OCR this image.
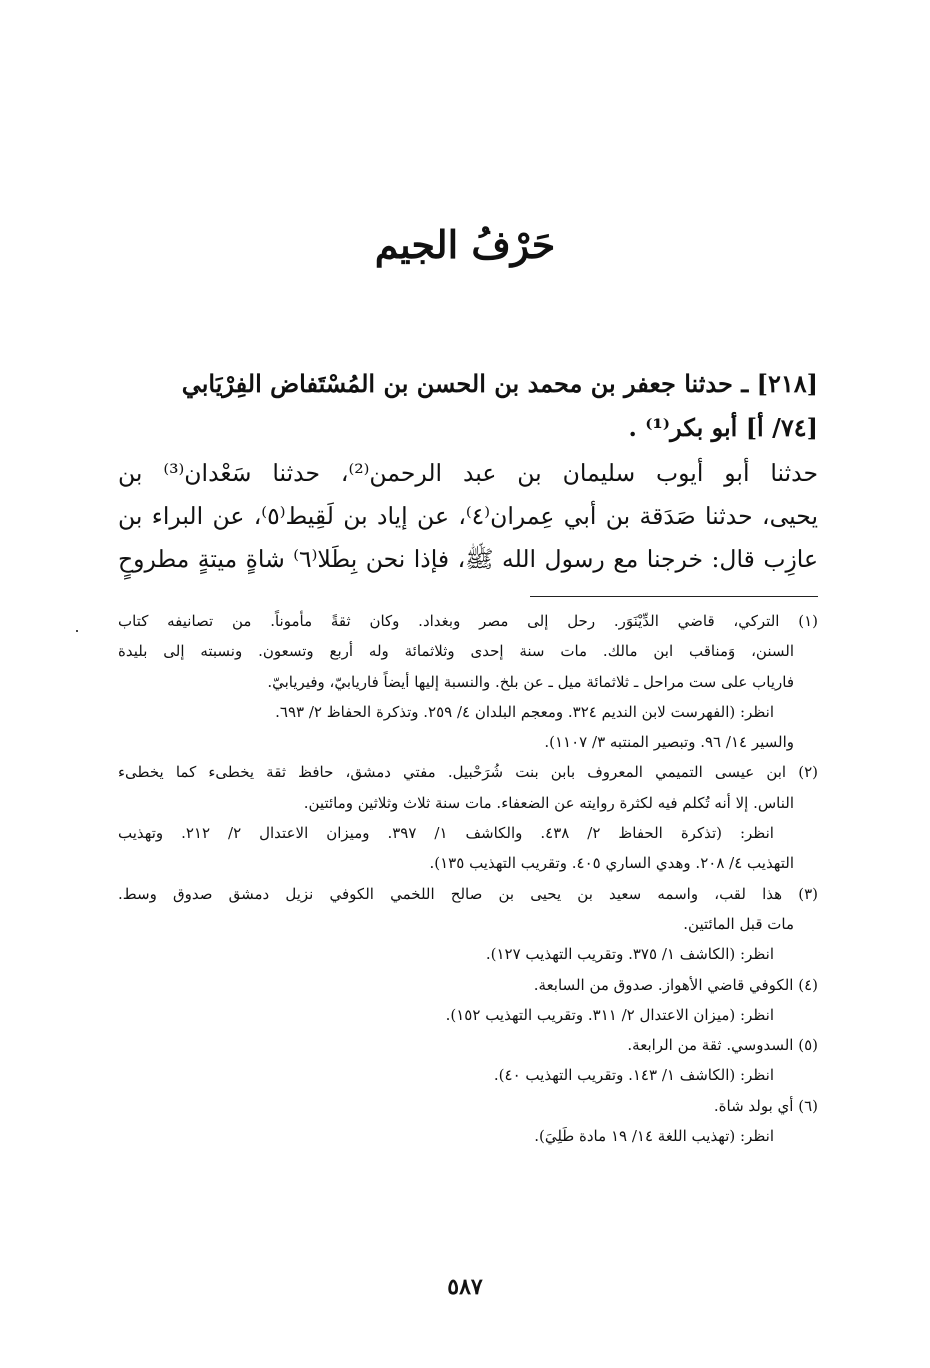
حَرْفُ الجيم
[٢١٨] ـ حدثنا جعفر بن محمد بن الحسن بن المُسْتَفاض الفِرْيَابي
[٧٤/ أ] أبو بكر⁽¹⁾ .
حدثنا أبو أيوب سليمان بن عبد الرحمن⁽²⁾، حدثنا سَعْدان⁽³⁾ بن
يحيى، حدثنا صَدَقة بن أبي عِمران⁽٤⁾، عن إياد بن لَقِيط⁽٥⁾، عن البراء بن
عازِب قال: خرجنا مع رسول الله ﷺ، فإذا نحن بِطَلا⁽٦⁾ شاةٍ ميتةٍ مطروحٍ
(١) التركي، قاضي الدِّيْنَوَر. رحل إلى مصر وبغداد. وكان ثقةً مأموناً. من تصانيفه كتاب
السنن، وَمناقب ابن مالك. مات سنة إحدى وثلاثمائة وله أربع وتسعون. ونسبته إلى بليدة
فارياب على ست مراحل ـ ثلاثمائة ميل ـ عن بلخ. والنسبة إليها أيضاً فاريابيّ، وفيريابيّ.
انظر: (الفهرست لابن النديم ٣٢٤. ومعجم البلدان ٤/ ٢٥٩. وتذكرة الحفاظ ٢/ ٦٩٣.
والسير ١٤/ ٩٦. وتبصير المنتبه ٣/ ١١٠٧).
(٢) ابن عيسى التميمي المعروف بابن بنت شُرَحْبيل. مفتي دمشق، حافظ ثقة يخطىء كما يخطىء
الناس. إلا أنه تُكلم فيه لكثرة روايته عن الضعفاء. مات سنة ثلاث وثلاثين ومائتين.
انظر: (تذكرة الحفاظ ٢/ ٤٣٨. والكاشف ١/ ٣٩٧. وميزان الاعتدال ٢/ ٢١٢. وتهذيب
التهذيب ٤/ ٢٠٨. وهدي الساري ٤٠٥. وتقريب التهذيب ١٣٥).
(٣) هذا لقب، واسمه سعيد بن يحيى بن صالح اللخمي الكوفي نزيل دمشق صدوق وسط.
مات قبل المائتين.
انظر: (الكاشف ١/ ٣٧٥. وتقريب التهذيب ١٢٧).
(٤) الكوفي قاضي الأهواز. صدوق من السابعة.
انظر: (ميزان الاعتدال ٢/ ٣١١. وتقريب التهذيب ١٥٢).
(٥) السدوسي. ثقة من الرابعة.
انظر: (الكاشف ١/ ١٤٣. وتقريب التهذيب ٤٠).
(٦) أي بولد شاة.
انظر: (تهذيب اللغة ١٤/ ١٩ مادة طَلِيَ).
٥٨٧
